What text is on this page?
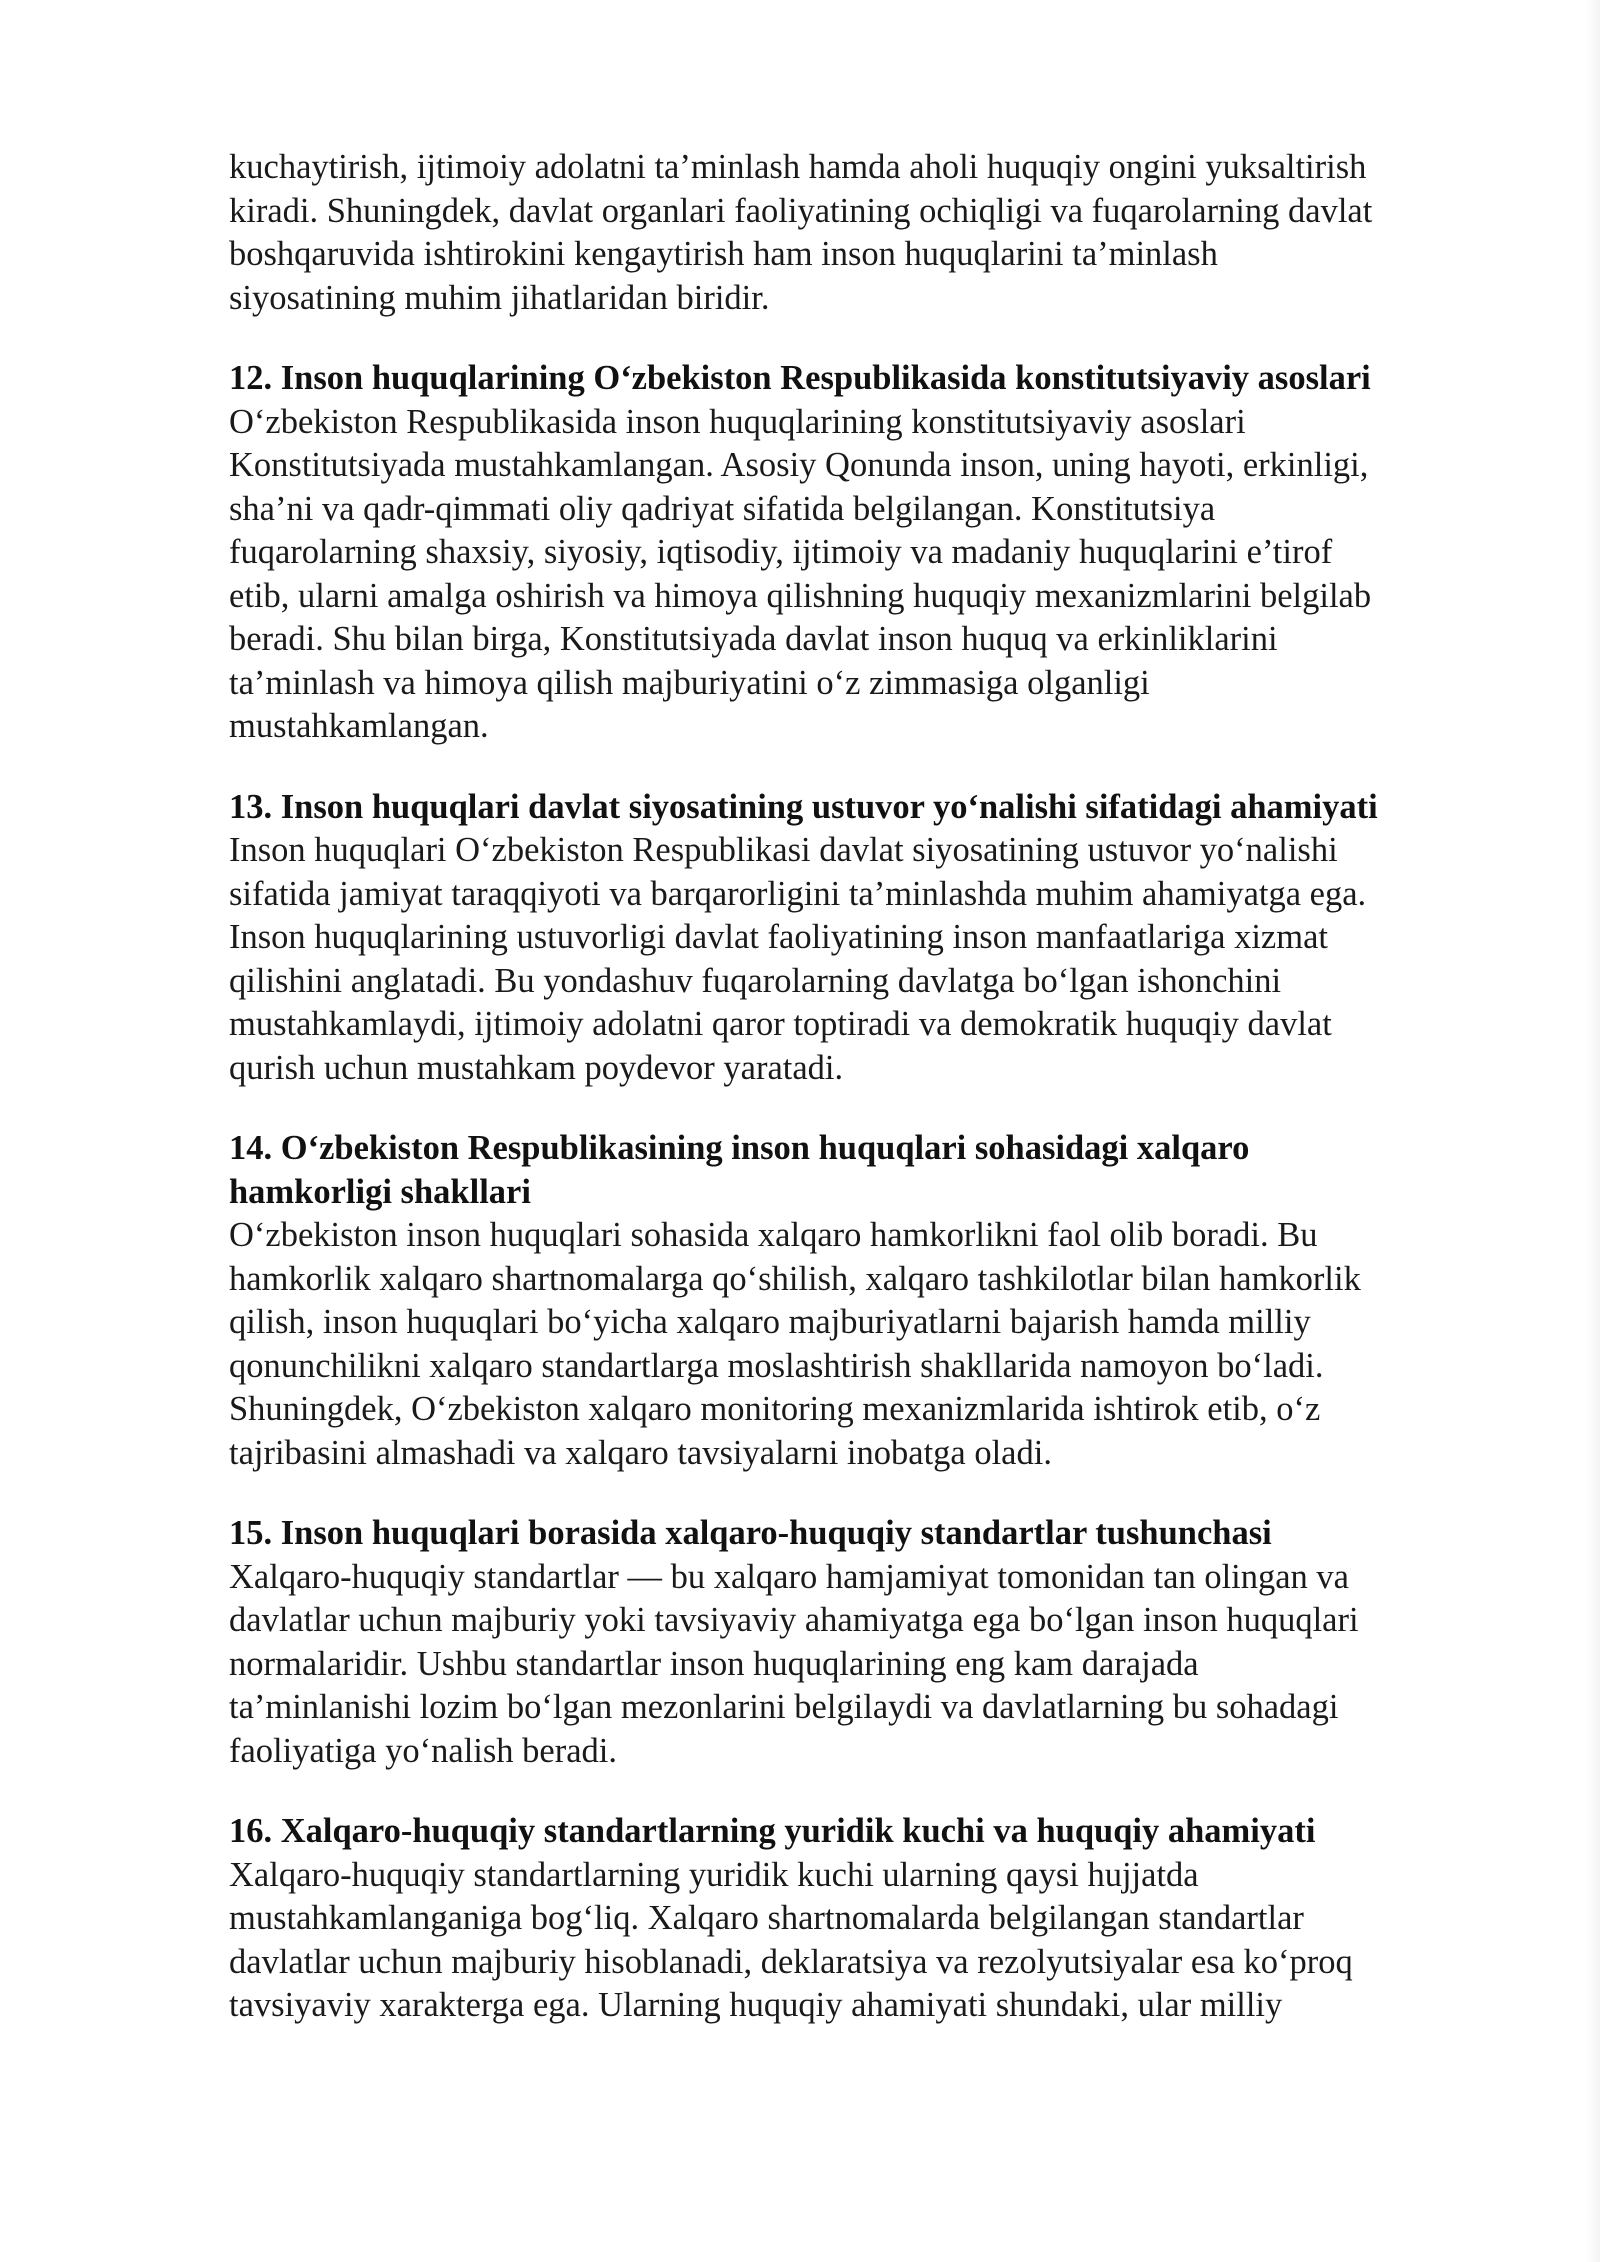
kuchaytirish, ijtimoiy adolatni ta’minlash hamda aholi huquqiy ongini yuksaltirish
kiradi. Shuningdek, davlat organlari faoliyatining ochiqligi va fuqarolarning davlat
boshqaruvida ishtirokini kengaytirish ham inson huquqlarini ta’minlash
siyosatining muhim jihatlaridan biridir.
12. Inson huquqlarining O‘zbekiston Respublikasida konstitutsiyaviy asoslari
O‘zbekiston Respublikasida inson huquqlarining konstitutsiyaviy asoslari
Konstitutsiyada mustahkamlangan. Asosiy Qonunda inson, uning hayoti, erkinligi,
sha’ni va qadr-qimmati oliy qadriyat sifatida belgilangan. Konstitutsiya
fuqarolarning shaxsiy, siyosiy, iqtisodiy, ijtimoiy va madaniy huquqlarini e’tirof
etib, ularni amalga oshirish va himoya qilishning huquqiy mexanizmlarini belgilab
beradi. Shu bilan birga, Konstitutsiyada davlat inson huquq va erkinliklarini
ta’minlash va himoya qilish majburiyatini o‘z zimmasiga olganligi
mustahkamlangan.
13. Inson huquqlari davlat siyosatining ustuvor yo‘nalishi sifatidagi ahamiyati
Inson huquqlari O‘zbekiston Respublikasi davlat siyosatining ustuvor yo‘nalishi
sifatida jamiyat taraqqiyoti va barqarorligini ta’minlashda muhim ahamiyatga ega.
Inson huquqlarining ustuvorligi davlat faoliyatining inson manfaatlariga xizmat
qilishini anglatadi. Bu yondashuv fuqarolarning davlatga bo‘lgan ishonchini
mustahkamlaydi, ijtimoiy adolatni qaror toptiradi va demokratik huquqiy davlat
qurish uchun mustahkam poydevor yaratadi.
14. O‘zbekiston Respublikasining inson huquqlari sohasidagi xalqaro
hamkorligi shakllari
O‘zbekiston inson huquqlari sohasida xalqaro hamkorlikni faol olib boradi. Bu
hamkorlik xalqaro shartnomalarga qo‘shilish, xalqaro tashkilotlar bilan hamkorlik
qilish, inson huquqlari bo‘yicha xalqaro majburiyatlarni bajarish hamda milliy
qonunchilikni xalqaro standartlarga moslashtirish shakllarida namoyon bo‘ladi.
Shuningdek, O‘zbekiston xalqaro monitoring mexanizmlarida ishtirok etib, o‘z
tajribasini almashadi va xalqaro tavsiyalarni inobatga oladi.
15. Inson huquqlari borasida xalqaro-huquqiy standartlar tushunchasi
Xalqaro-huquqiy standartlar — bu xalqaro hamjamiyat tomonidan tan olingan va
davlatlar uchun majburiy yoki tavsiyaviy ahamiyatga ega bo‘lgan inson huquqlari
normalaridir. Ushbu standartlar inson huquqlarining eng kam darajada
ta’minlanishi lozim bo‘lgan mezonlarini belgilaydi va davlatlarning bu sohadagi
faoliyatiga yo‘nalish beradi.
16. Xalqaro-huquqiy standartlarning yuridik kuchi va huquqiy ahamiyati
Xalqaro-huquqiy standartlarning yuridik kuchi ularning qaysi hujjatda
mustahkamlanganiga bog‘liq. Xalqaro shartnomalarda belgilangan standartlar
davlatlar uchun majburiy hisoblanadi, deklaratsiya va rezolyutsiyalar esa ko‘proq
tavsiyaviy xarakterga ega. Ularning huquqiy ahamiyati shundaki, ular milliy
